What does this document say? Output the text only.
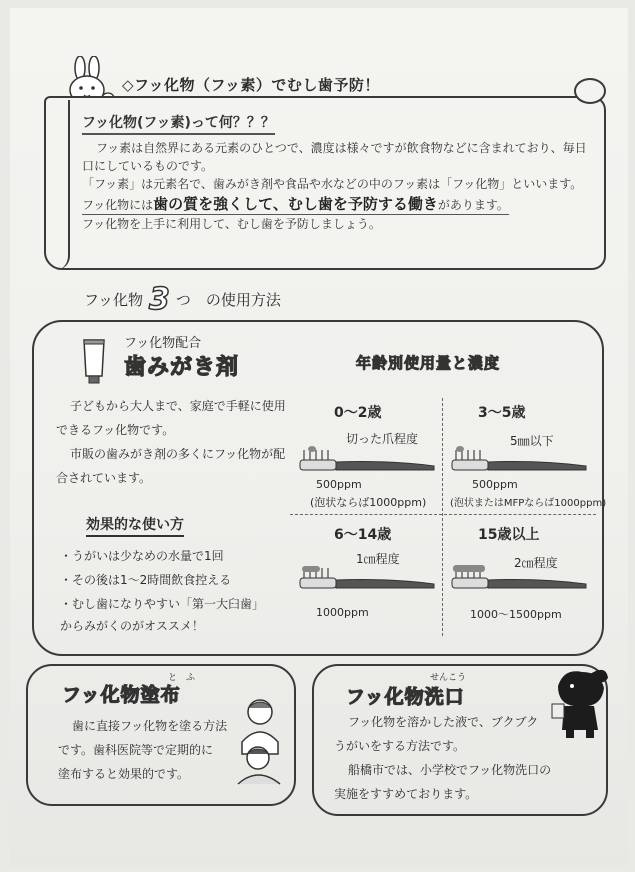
◇フッ化物（フッ素）でむし歯予防！
フッ化物(フッ素)って何？？？

フッ素は自然界にある元素のひとつで、濃度は様々ですが飲食物などに含まれており、毎日口にしているものです。

「フッ素」は元素名で、歯みがき剤や食品や水などの中のフッ素は「フッ化物」といいます。

フッ化物には歯の質を強くして、むし歯を予防する働きがあります。

フッ化物を上手に利用して、むし歯を予防しましょう。

フッ化物 3 つ　の使用方法
フッ化物配合
歯みがき剤

子どもから大人まで、家庭で手軽に使用できるフッ化物です。

市販の歯みがき剤の多くにフッ化物が配合されています。

効果的な使い方
・うがいは少なめの水量で1回
・その後は1～2時間飲食控える
・むし歯になりやすい「第一大臼歯」
からみがくのがオススメ！
年齢別使用量と濃度
0～2歳
切った爪程度
500ppm
(泡状ならば1000ppm)
3～5歳
5㎜以下
500ppm
(泡状またはMFPならば1000ppm)
6～14歳
1㎝程度
1000ppm
15歳以上
2㎝程度
1000～1500ppm
と　ふ
フッ化物塗布

歯に直接フッ化物を塗る方法

です。歯科医院等で定期的に

塗布すると効果的です。

せんこう
フッ化物洗口

フッ化物を溶かした液で、ブクブク

うがいをする方法です。

船橋市では、小学校でフッ化物洗口の

実施をすすめております。
